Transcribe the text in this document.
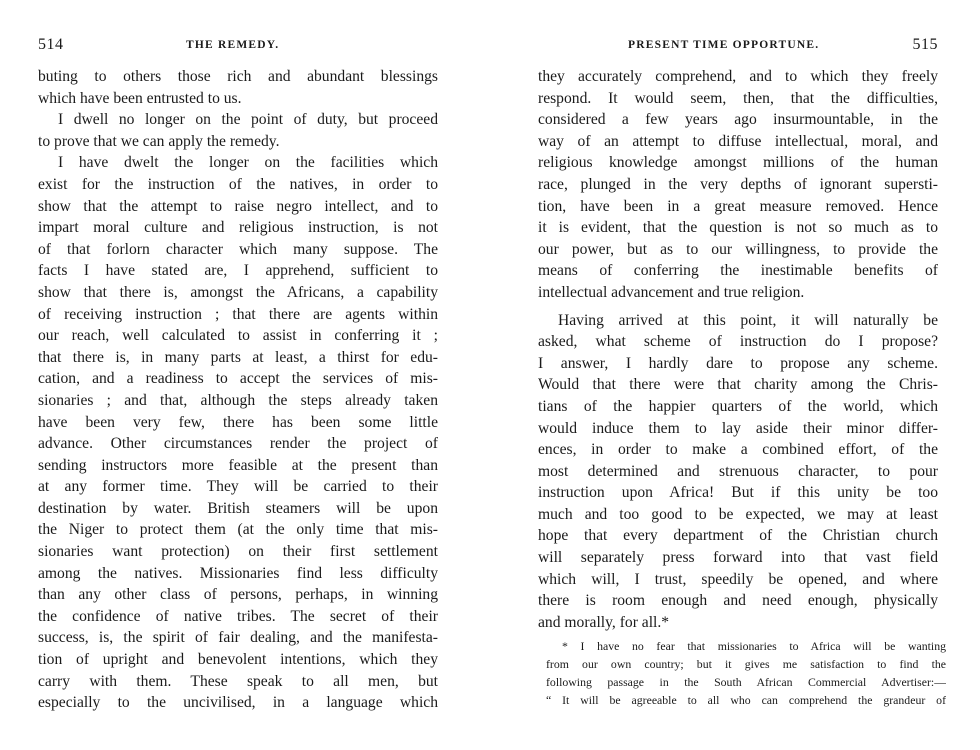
514	THE REMEDY.
buting to others those rich and abundant blessings
which have been entrusted to us.
I dwell no longer on the point of duty, but proceed
to prove that we can apply the remedy.
I have dwelt the longer on the facilities which
exist for the instruction of the natives, in order to
show that the attempt to raise negro intellect, and to
impart moral culture and religious instruction, is not
of that forlorn character which many suppose. The
facts I have stated are, I apprehend, sufficient to
show that there is, amongst the Africans, a capability
of receiving instruction ; that there are agents within
our reach, well calculated to assist in conferring it ;
that there is, in many parts at least, a thirst for edu-
cation, and a readiness to accept the services of mis-
sionaries ; and that, although the steps already taken
have been very few, there has been some little
advance. Other circumstances render the project of
sending instructors more feasible at the present than
at any former time. They will be carried to their
destination by water. British steamers will be upon
the Niger to protect them (at the only time that mis-
sionaries want protection) on their first settlement
among the natives. Missionaries find less difficulty
than any other class of persons, perhaps, in winning
the confidence of native tribes. The secret of their
success, is, the spirit of fair dealing, and the manifesta-
tion of upright and benevolent intentions, which they
carry with them. These speak to all men, but
especially to the uncivilised, in a language which
PRESENT TIME OPPORTUNE.	515
they accurately comprehend, and to which they freely
respond. It would seem, then, that the difficulties,
considered a few years ago insurmountable, in the
way of an attempt to diffuse intellectual, moral, and
religious knowledge amongst millions of the human
race, plunged in the very depths of ignorant supersti-
tion, have been in a great measure removed. Hence
it is evident, that the question is not so much as to
our power, but as to our willingness, to provide the
means of conferring the inestimable benefits of
intellectual advancement and true religion.
Having arrived at this point, it will naturally be
asked, what scheme of instruction do I propose?
I answer, I hardly dare to propose any scheme.
Would that there were that charity among the Chris-
tians of the happier quarters of the world, which
would induce them to lay aside their minor differ-
ences, in order to make a combined effort, of the
most determined and strenuous character, to pour
instruction upon Africa! But if this unity be too
much and too good to be expected, we may at least
hope that every department of the Christian church
will separately press forward into that vast field
which will, I trust, speedily be opened, and where
there is room enough and need enough, physically
and morally, for all.*
* I have no fear that missionaries to Africa will be wanting
from our own country; but it gives me satisfaction to find the
following passage in the South African Commercial Advertiser:—
“ It will be agreeable to all who can comprehend the grandeur of
